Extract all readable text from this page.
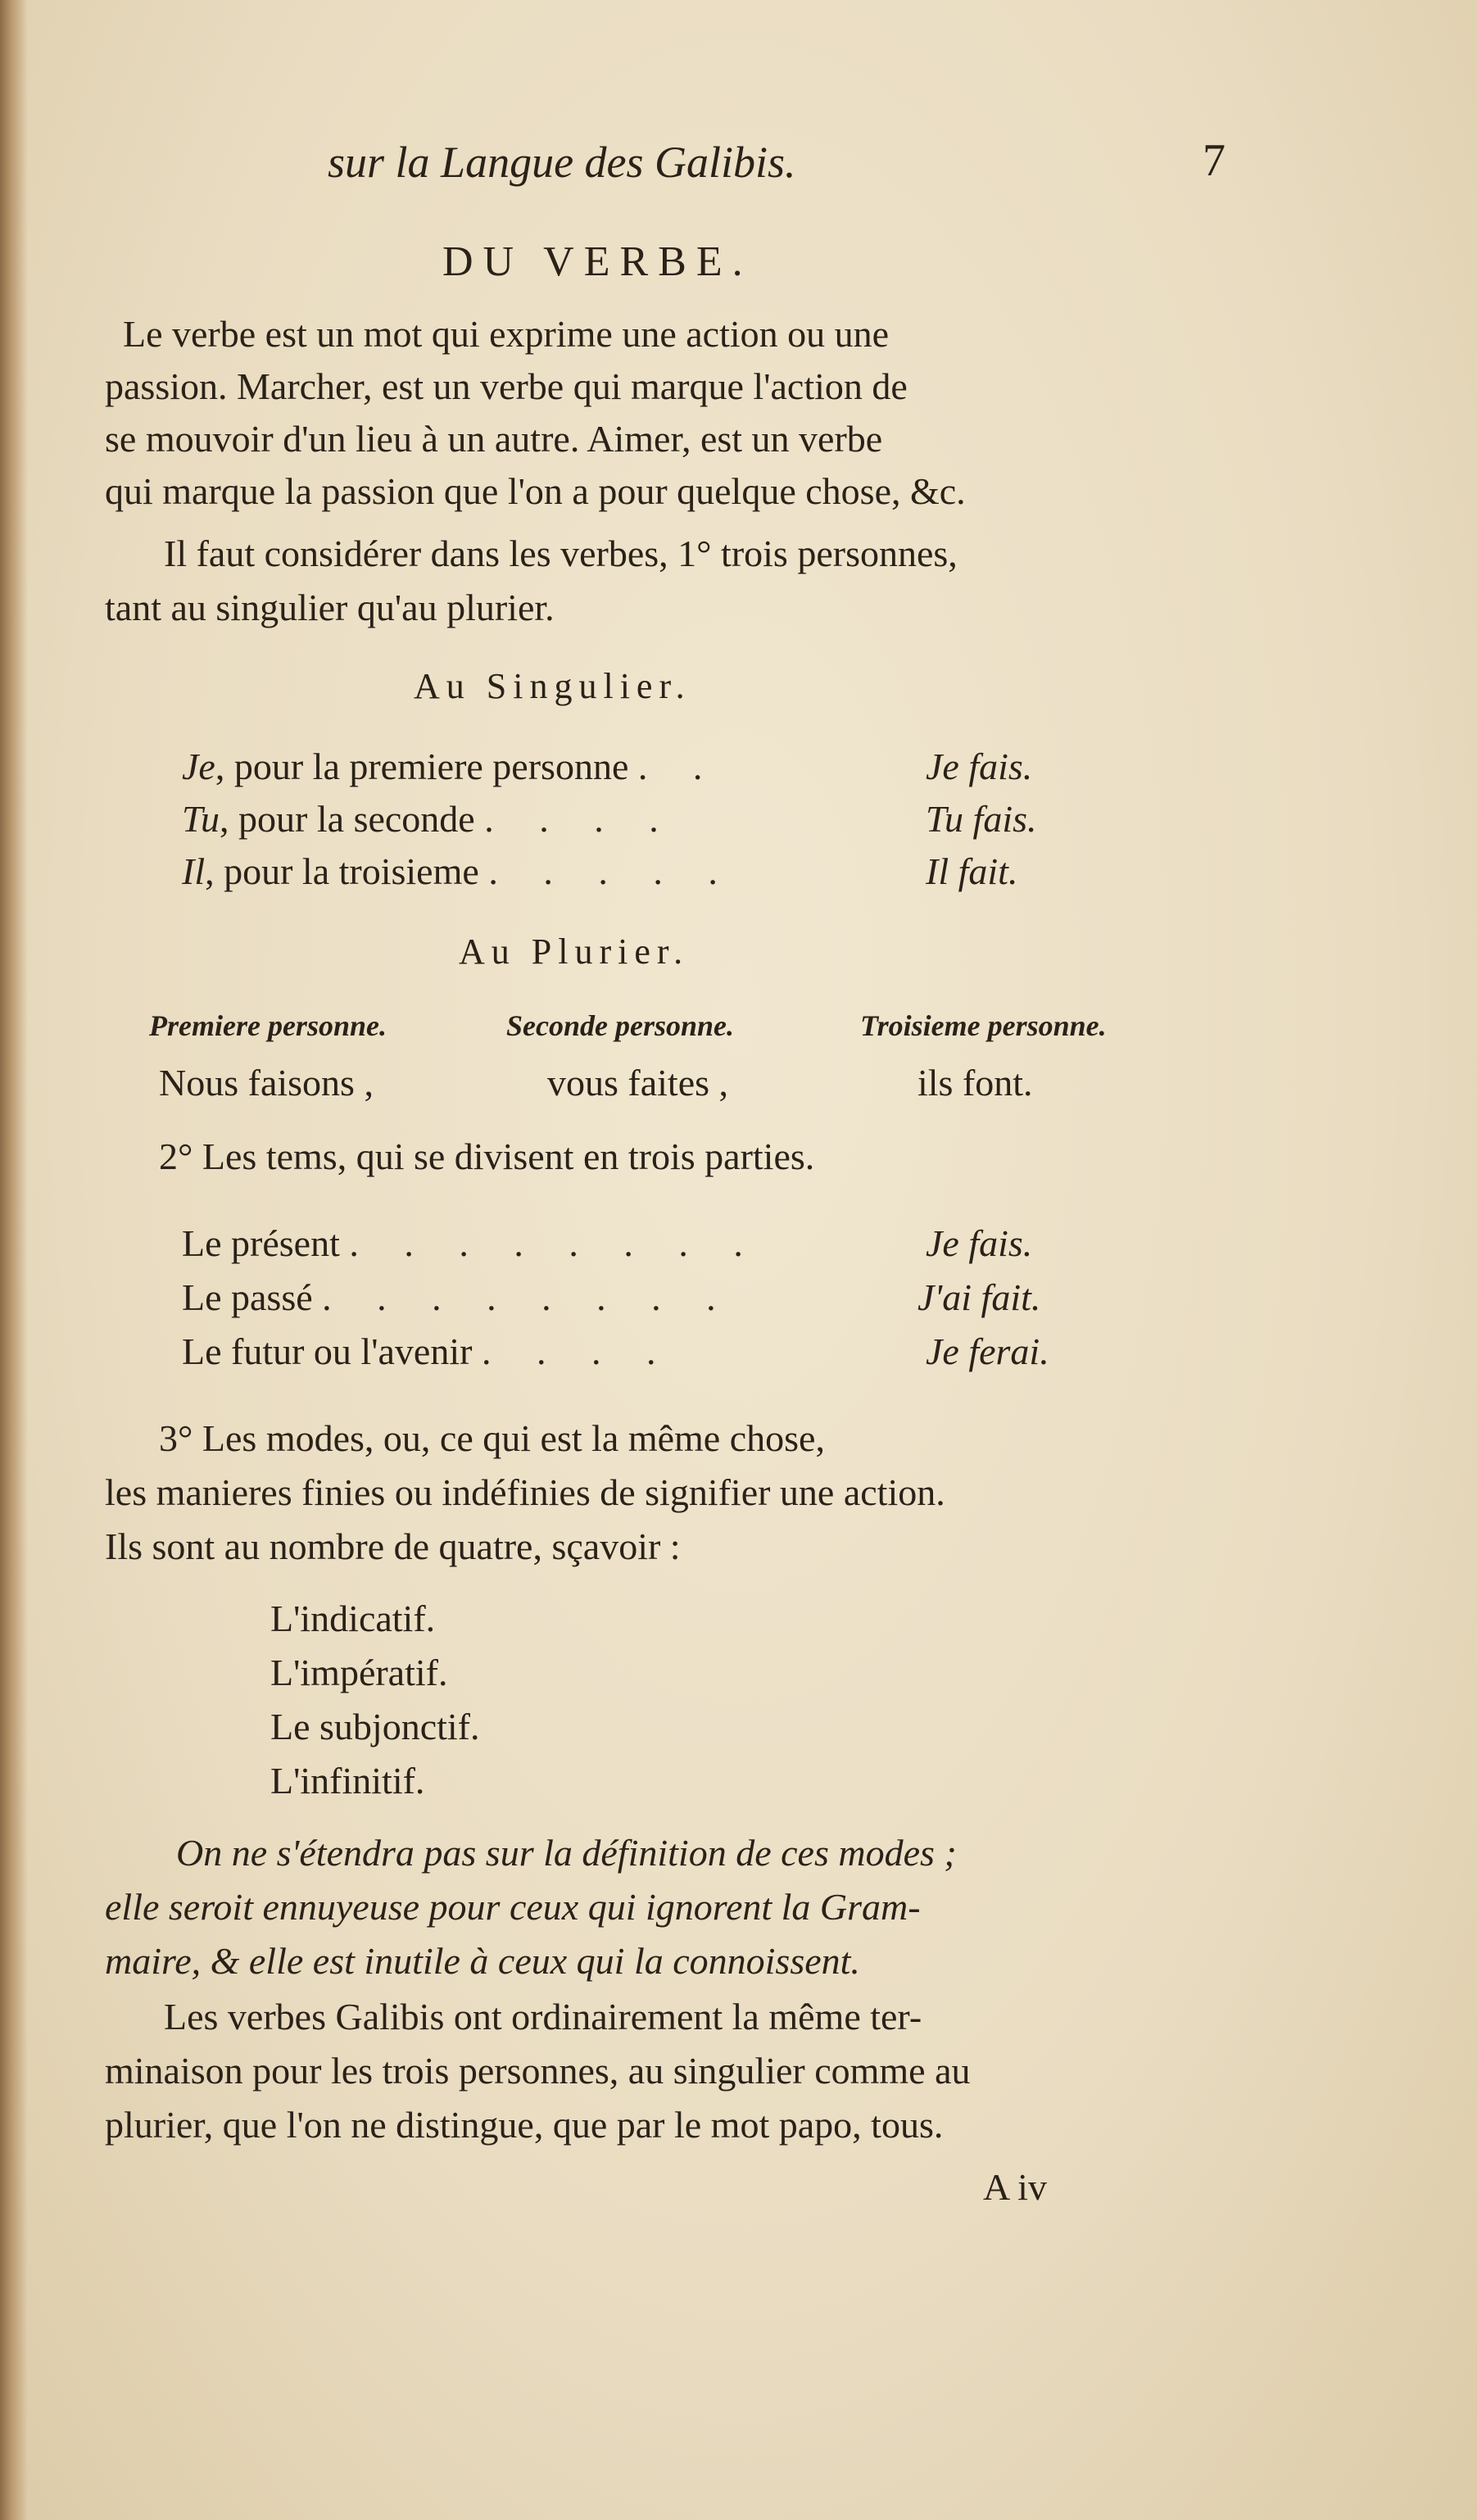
sur la Langue des Galibis.	7
DU VERBE.
Le verbe est un mot qui exprime une action ou une
passion. Marcher, est un verbe qui marque l'action de
se mouvoir d'un lieu à un autre. Aimer, est un verbe
qui marque la passion que l'on a pour quelque chose, &c.
Il faut considérer dans les verbes, 1° trois personnes,
tant au singulier qu'au plurier.
Au Singulier.
Je, pour la premiere personne . .	Je fais.
Tu, pour la seconde . . . .	Tu fais.
Il, pour la troisieme . . . . .	Il fait.
Au Plurier.
Premiere personne.	Seconde personne.	Troisieme personne.
Nous faisons ,	vous faites ,	ils font.
2° Les tems, qui se divisent en trois parties.
Le présent . . . . . . . .	Je fais.
Le passé . . . . . . . .	J'ai fait.
Le futur ou l'avenir . . . .	Je ferai.
3° Les modes, ou, ce qui est la même chose,
les manieres finies ou indéfinies de signifier une action.
Ils sont au nombre de quatre, sçavoir :
L'indicatif.
L'impératif.
Le subjonctif.
L'infinitif.
On ne s'étendra pas sur la définition de ces modes ;
elle seroit ennuyeuse pour ceux qui ignorent la Gram-
maire, & elle est inutile à ceux qui la connoissent.
Les verbes Galibis ont ordinairement la même ter-
minaison pour les trois personnes, au singulier comme au
plurier, que l'on ne distingue, que par le mot papo, tous.
A iv
